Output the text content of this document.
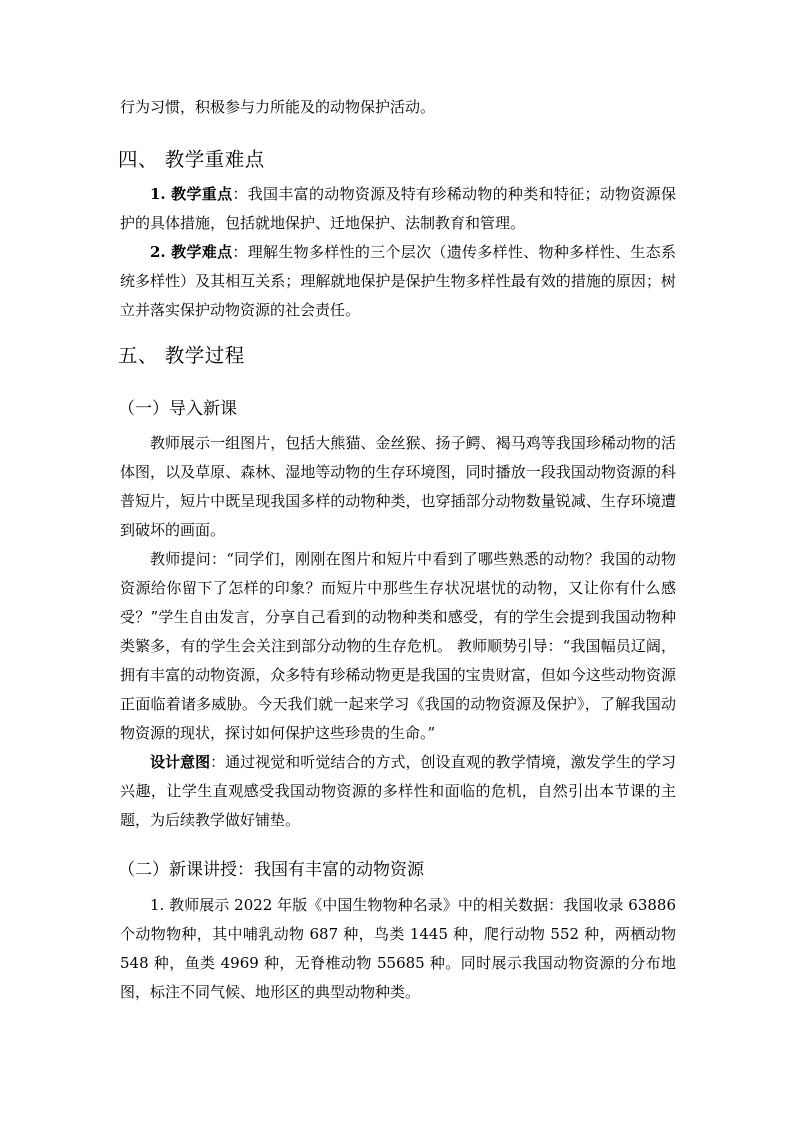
行为习惯，积极参与力所能及的动物保护活动。

四、 教学重难点

1. 教学重点：我国丰富的动物资源及特有珍稀动物的种类和特征；动物资源保护的具体措施，包括就地保护、迁地保护、法制教育和管理。

2. 教学难点：理解生物多样性的三个层次（遗传多样性、物种多样性、生态系统多样性）及其相互关系；理解就地保护是保护生物多样性最有效的措施的原因；树立并落实保护动物资源的社会责任。

五、 教学过程
（一）导入新课

教师展示一组图片，包括大熊猫、金丝猴、扬子鳄、褐马鸡等我国珍稀动物的活体图，以及草原、森林、湿地等动物的生存环境图，同时播放一段我国动物资源的科普短片，短片中既呈现我国多样的动物种类，也穿插部分动物数量锐减、生存环境遭到破坏的画面。

教师提问：“同学们，刚刚在图片和短片中看到了哪些熟悉的动物？我国的动物资源给你留下了怎样的印象？而短片中那些生存状况堪忧的动物，又让你有什么感受？”学生自由发言，分享自己看到的动物种类和感受，有的学生会提到我国动物种类繁多，有的学生会关注到部分动物的生存危机。 教师顺势引导：“我国幅员辽阔，拥有丰富的动物资源，众多特有珍稀动物更是我国的宝贵财富，但如今这些动物资源正面临着诸多威胁。今天我们就一起来学习《我国的动物资源及保护》，了解我国动物资源的现状，探讨如何保护这些珍贵的生命。”

设计意图：通过视觉和听觉结合的方式，创设直观的教学情境，激发学生的学习兴趣，让学生直观感受我国动物资源的多样性和面临的危机，自然引出本节课的主题，为后续教学做好铺垫。

（二）新课讲授：我国有丰富的动物资源

1. 教师展示 2022 年版《中国生物物种名录》中的相关数据：我国收录 63886 个动物物种，其中哺乳动物 687 种，鸟类 1445 种，爬行动物 552 种，两栖动物 548 种，鱼类 4969 种，无脊椎动物 55685 种。同时展示我国动物资源的分布地图，标注不同气候、地形区的典型动物种类。
